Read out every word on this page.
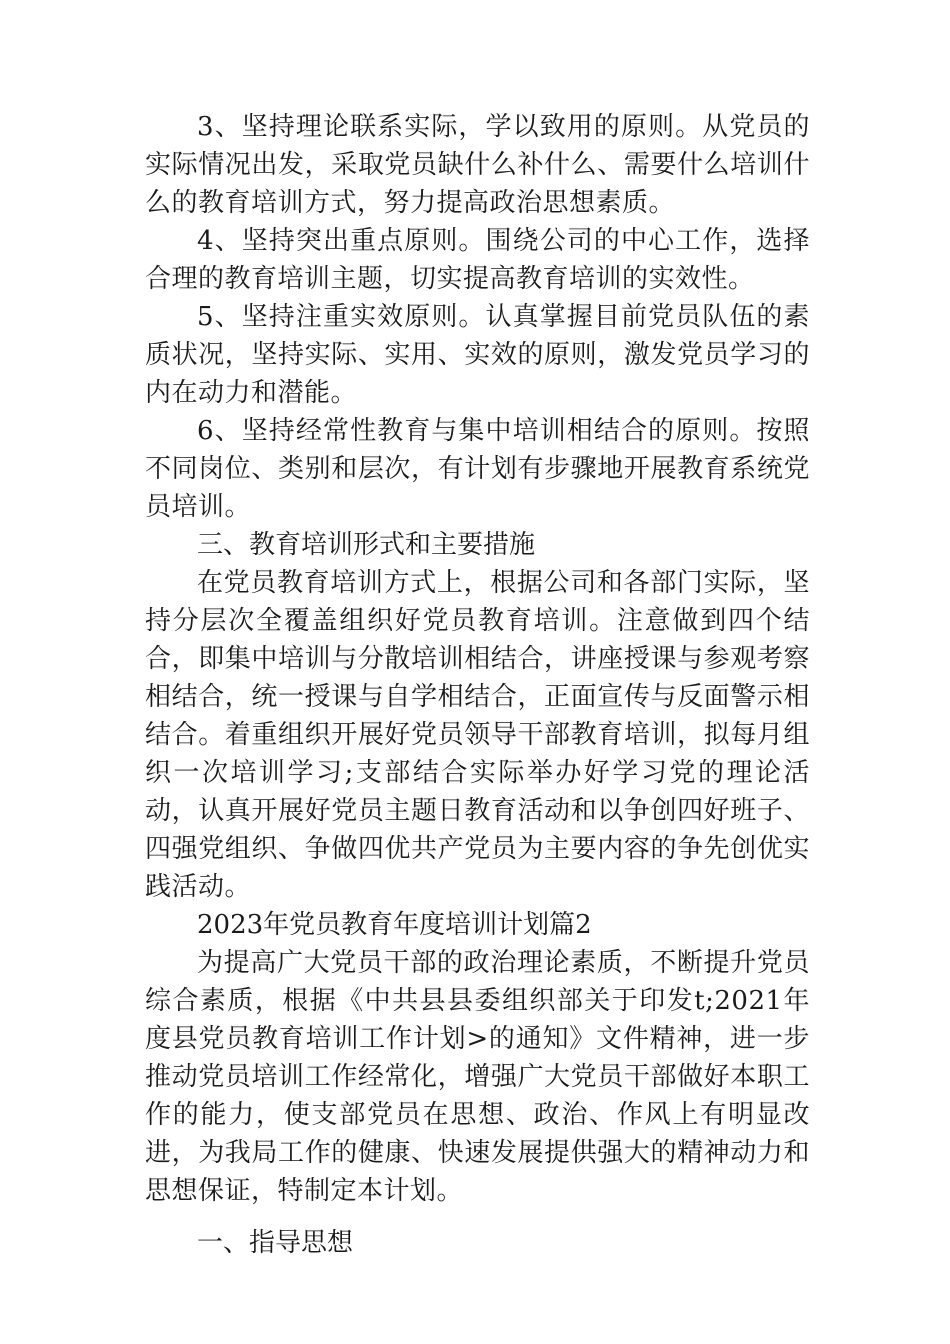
3、坚持理论联系实际，学以致用的原则。从党员的实际情况出发，采取党员缺什么补什么、需要什么培训什么的教育培训方式，努力提高政治思想素质。

4、坚持突出重点原则。围绕公司的中心工作，选择合理的教育培训主题，切实提高教育培训的实效性。

5、坚持注重实效原则。认真掌握目前党员队伍的素质状况，坚持实际、实用、实效的原则，激发党员学习的内在动力和潜能。

6、坚持经常性教育与集中培训相结合的原则。按照不同岗位、类别和层次，有计划有步骤地开展教育系统党员培训。

三、教育培训形式和主要措施

在党员教育培训方式上，根据公司和各部门实际，坚持分层次全覆盖组织好党员教育培训。注意做到四个结合，即集中培训与分散培训相结合，讲座授课与参观考察相结合，统一授课与自学相结合，正面宣传与反面警示相结合。着重组织开展好党员领导干部教育培训，拟每月组织一次培训学习;支部结合实际举办好学习党的理论活动，认真开展好党员主题日教育活动和以争创四好班子、四强党组织、争做四优共产党员为主要内容的争先创优实践活动。

2023年党员教育年度培训计划篇2

为提高广大党员干部的政治理论素质，不断提升党员综合素质，根据《中共县县委组织部关于印发t;2021年度县党员教育培训工作计划>的通知》文件精神，进一步推动党员培训工作经常化，增强广大党员干部做好本职工作的能力，使支部党员在思想、政治、作风上有明显改进，为我局工作的健康、快速发展提供强大的精神动力和思想保证，特制定本计划。

一、指导思想
